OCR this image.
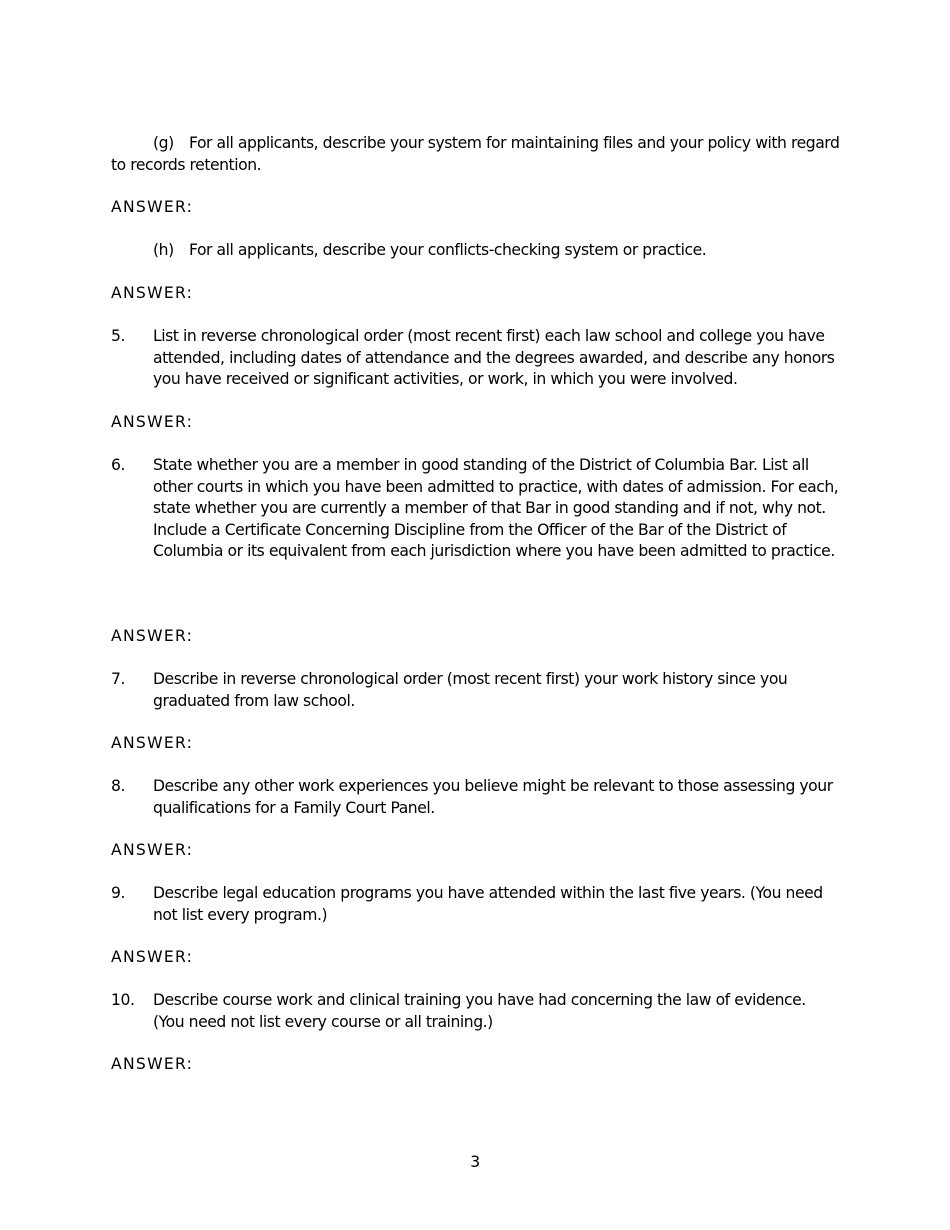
(g) For all applicants, describe your system for maintaining files and your policy with regard to records retention.

ANSWER:

(h) For all applicants, describe your conflicts-checking system or practice.

ANSWER:

5.	List in reverse chronological order (most recent first) each law school and college you have attended, including dates of attendance and the degrees awarded, and describe any honors you have received or significant activities, or work, in which you were involved.

ANSWER:

6.	State whether you are a member in good standing of the District of Columbia Bar. List all other courts in which you have been admitted to practice, with dates of admission. For each, state whether you are currently a member of that Bar in good standing and if not, why not. Include a Certificate Concerning Discipline from the Officer of the Bar of the District of Columbia or its equivalent from each jurisdiction where you have been admitted to practice.

ANSWER:

7.	Describe in reverse chronological order (most recent first) your work history since you graduated from law school.

ANSWER:

8.	Describe any other work experiences you believe might be relevant to those assessing your qualifications for a Family Court Panel.

ANSWER:

9.	Describe legal education programs you have attended within the last five years. (You need not list every program.)

ANSWER:

10.	Describe course work and clinical training you have had concerning the law of evidence. (You need not list every course or all training.)

ANSWER:

3
